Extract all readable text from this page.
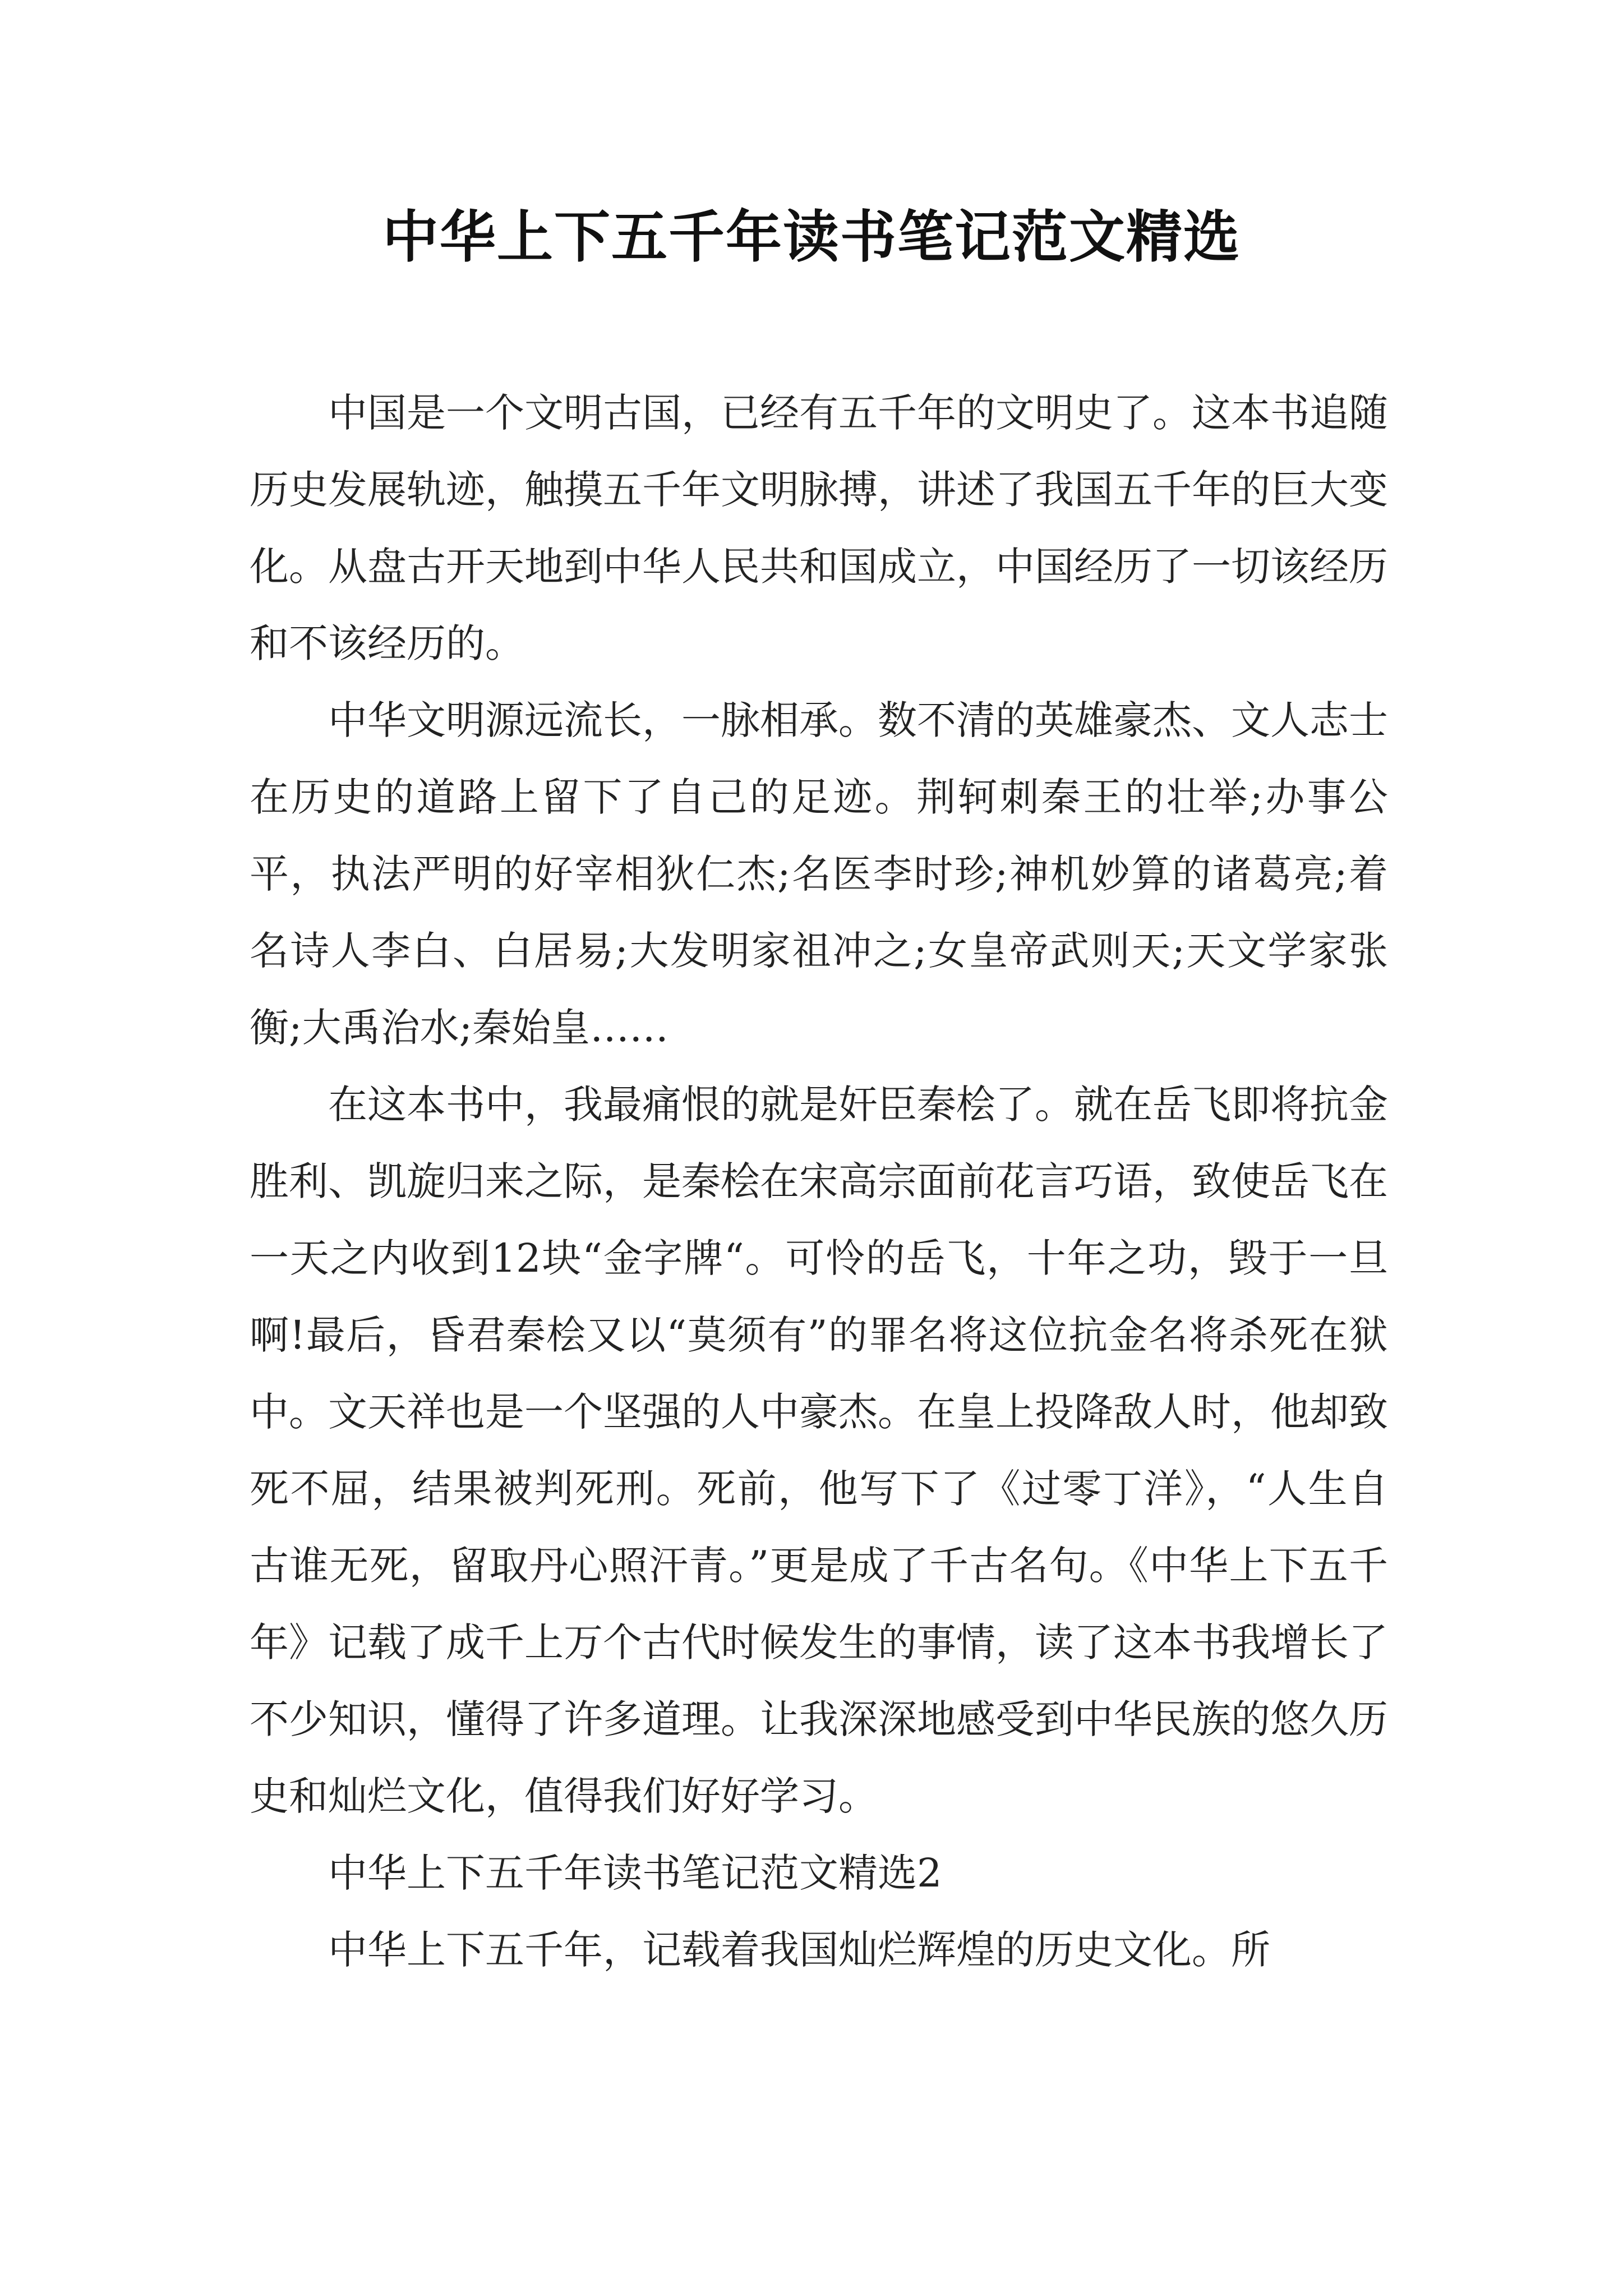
中华上下五千年读书笔记范文精选

中国是一个文明古国，已经有五千年的文明史了。这本书追随历史发展轨迹，触摸五千年文明脉搏，讲述了我国五千年的巨大变化。从盘古开天地到中华人民共和国成立，中国经历了一切该经历和不该经历的。

中华文明源远流长，一脉相承。数不清的英雄豪杰、文人志士在历史的道路上留下了自己的足迹。荆轲刺秦王的壮举;办事公平，执法严明的好宰相狄仁杰;名医李时珍;神机妙算的诸葛亮;着名诗人李白、白居易;大发明家祖冲之;女皇帝武则天;天文学家张衡;大禹治水;秦始皇……

在这本书中，我最痛恨的就是奸臣秦桧了。就在岳飞即将抗金胜利、凯旋归来之际，是秦桧在宋高宗面前花言巧语，致使岳飞在一天之内收到12块“金字牌“。可怜的岳飞，十年之功，毁于一旦啊!最后，昏君秦桧又以“莫须有”的罪名将这位抗金名将杀死在狱中。文天祥也是一个坚强的人中豪杰。在皇上投降敌人时，他却致死不屈，结果被判死刑。死前，他写下了《过零丁洋》，“人生自古谁无死，留取丹心照汗青。”更是成了千古名句。《中华上下五千年》记载了成千上万个古代时候发生的事情，读了这本书我增长了不少知识，懂得了许多道理。让我深深地感受到中华民族的悠久历史和灿烂文化，值得我们好好学习。

中华上下五千年读书笔记范文精选2

中华上下五千年，记载着我国灿烂辉煌的历史文化。所
